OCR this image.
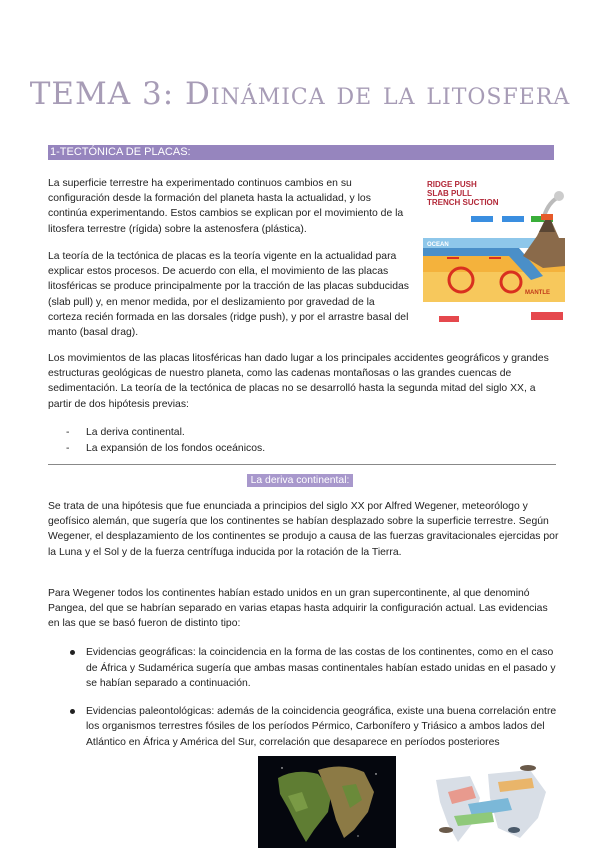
TEMA 3: Dinámica de la litosfera
1-TECTÓNICA DE PLACAS:

La superficie terrestre ha experimentado continuos cambios en su configuración desde la formación del planeta hasta la actualidad, y los continúa experimentando. Estos cambios se explican por el movimiento de la litosfera terrestre (rígida) sobre la astenosfera (plástica).

La teoría de la tectónica de placas es la teoría vigente en la actualidad para explicar estos procesos. De acuerdo con ella, el movimiento de las placas litosféricas se produce principalmente por la tracción de las placas subducidas (slab pull) y, en menor medida, por el deslizamiento por gravedad de la corteza recién formada en las dorsales (ridge push), y por el arrastre basal del manto (basal drag).

RIDGE PUSH
SLAB PULL
TRENCH SUCTION
OCEAN
MANTLE

Los movimientos de las placas litosféricas han dado lugar a los principales accidentes geográficos y grandes estructuras geológicas de nuestro planeta, como las cadenas montañosas o las grandes cuencas de sedimentación. La teoría de la tectónica de placas no se desarrolló hasta la segunda mitad del siglo XX, a partir de dos hipótesis previas:

- La deriva continental.
- La expansión de los fondos oceánicos.
La deriva continental:

Se trata de una hipótesis que fue enunciada a principios del siglo XX por Alfred Wegener, meteorólogo y geofísico alemán, que sugería que los continentes se habían desplazado sobre la superficie terrestre. Según Wegener, el desplazamiento de los continentes se produjo a causa de las fuerzas gravitacionales ejercidas por la Luna y el Sol y de la fuerza centrífuga inducida por la rotación de la Tierra.

Para Wegener todos los continentes habían estado unidos en un gran supercontinente, al que denominó Pangea, del que se habrían separado en varias etapas hasta adquirir la configuración actual. Las evidencias en las que se basó fueron de distinto tipo:

Evidencias geográficas: la coincidencia en la forma de las costas de los continentes, como en el caso de África y Sudamérica sugería que ambas masas continentales habían estado unidas en el pasado y se habían separado a continuación.
Evidencias paleontológicas: además de la coincidencia geográfica, existe una buena correlación entre los organismos terrestres fósiles de los períodos Pérmico, Carbonífero y Triásico a ambos lados del Atlántico en África y América del Sur, correlación que desaparece en períodos posteriores
